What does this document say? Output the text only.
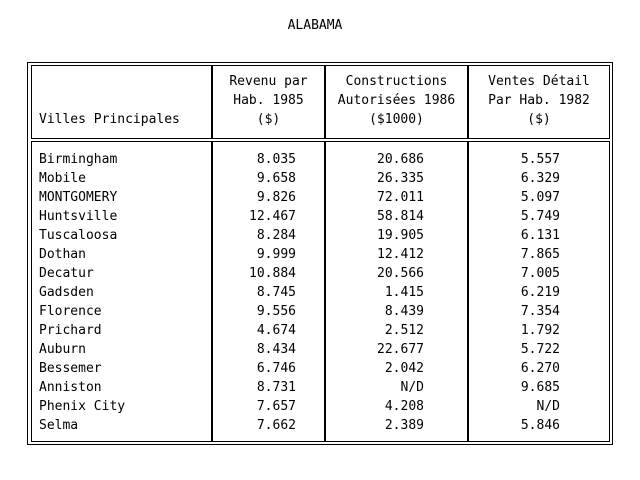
ALABAMA
Villes Principales
Revenu par
Hab. 1985
($)
Constructions
Autorisées 1986
($1000)
Ventes Détail
Par Hab. 1982
($)
Birmingham
Mobile
MONTGOMERY
Huntsville
Tuscaloosa
Dothan
Decatur
Gadsden
Florence
Prichard
Auburn
Bessemer
Anniston
Phenix City
Selma
8.035
9.658
9.826
12.467
8.284
9.999
10.884
8.745
9.556
4.674
8.434
6.746
8.731
7.657
7.662
20.686
26.335
72.011
58.814
19.905
12.412
20.566
1.415
8.439
2.512
22.677
2.042
N/D
4.208
2.389
5.557
6.329
5.097
5.749
6.131
7.865
7.005
6.219
7.354
1.792
5.722
6.270
9.685
N/D
5.846
